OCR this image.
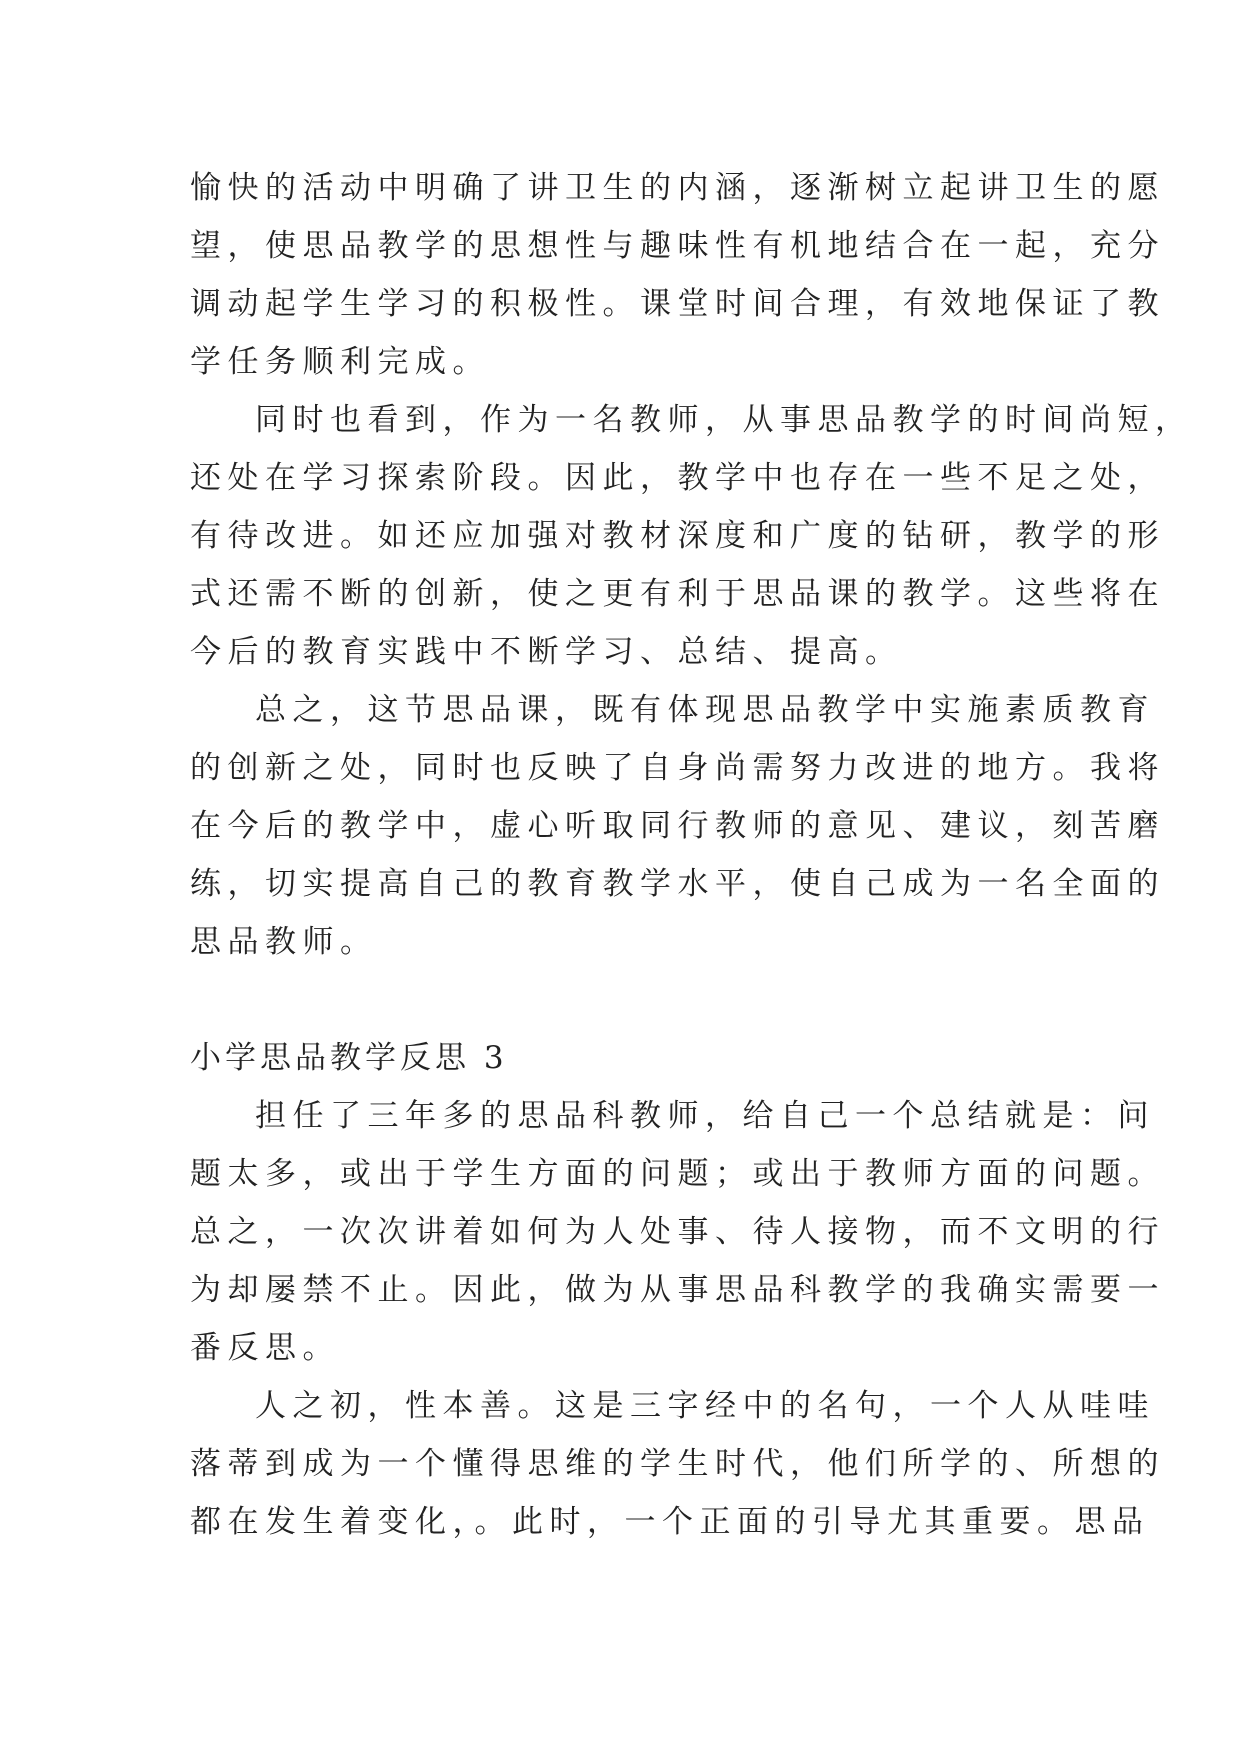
愉快的活动中明确了讲卫生的内涵，逐渐树立起讲卫生的愿

望，使思品教学的思想性与趣味性有机地结合在一起，充分

调动起学生学习的积极性。课堂时间合理，有效地保证了教

学任务顺利完成。

同时也看到，作为一名教师，从事思品教学的时间尚短，

还处在学习探索阶段。因此，教学中也存在一些不足之处，

有待改进。如还应加强对教材深度和广度的钻研，教学的形

式还需不断的创新，使之更有利于思品课的教学。这些将在

今后的教育实践中不断学习、总结、提高。

总之，这节思品课，既有体现思品教学中实施素质教育

的创新之处，同时也反映了自身尚需努力改进的地方。我将

在今后的教学中，虚心听取同行教师的意见、建议，刻苦磨

练，切实提高自己的教育教学水平，使自己成为一名全面的

思品教师。

小学思品教学反思 3

担任了三年多的思品科教师，给自己一个总结就是：问

题太多，或出于学生方面的问题；或出于教师方面的问题。

总之，一次次讲着如何为人处事、待人接物，而不文明的行

为却屡禁不止。因此，做为从事思品科教学的我确实需要一

番反思。

人之初，性本善。这是三字经中的名句，一个人从哇哇

落蒂到成为一个懂得思维的学生时代，他们所学的、所想的

都在发生着变化，。此时，一个正面的引导尤其重要。思品
